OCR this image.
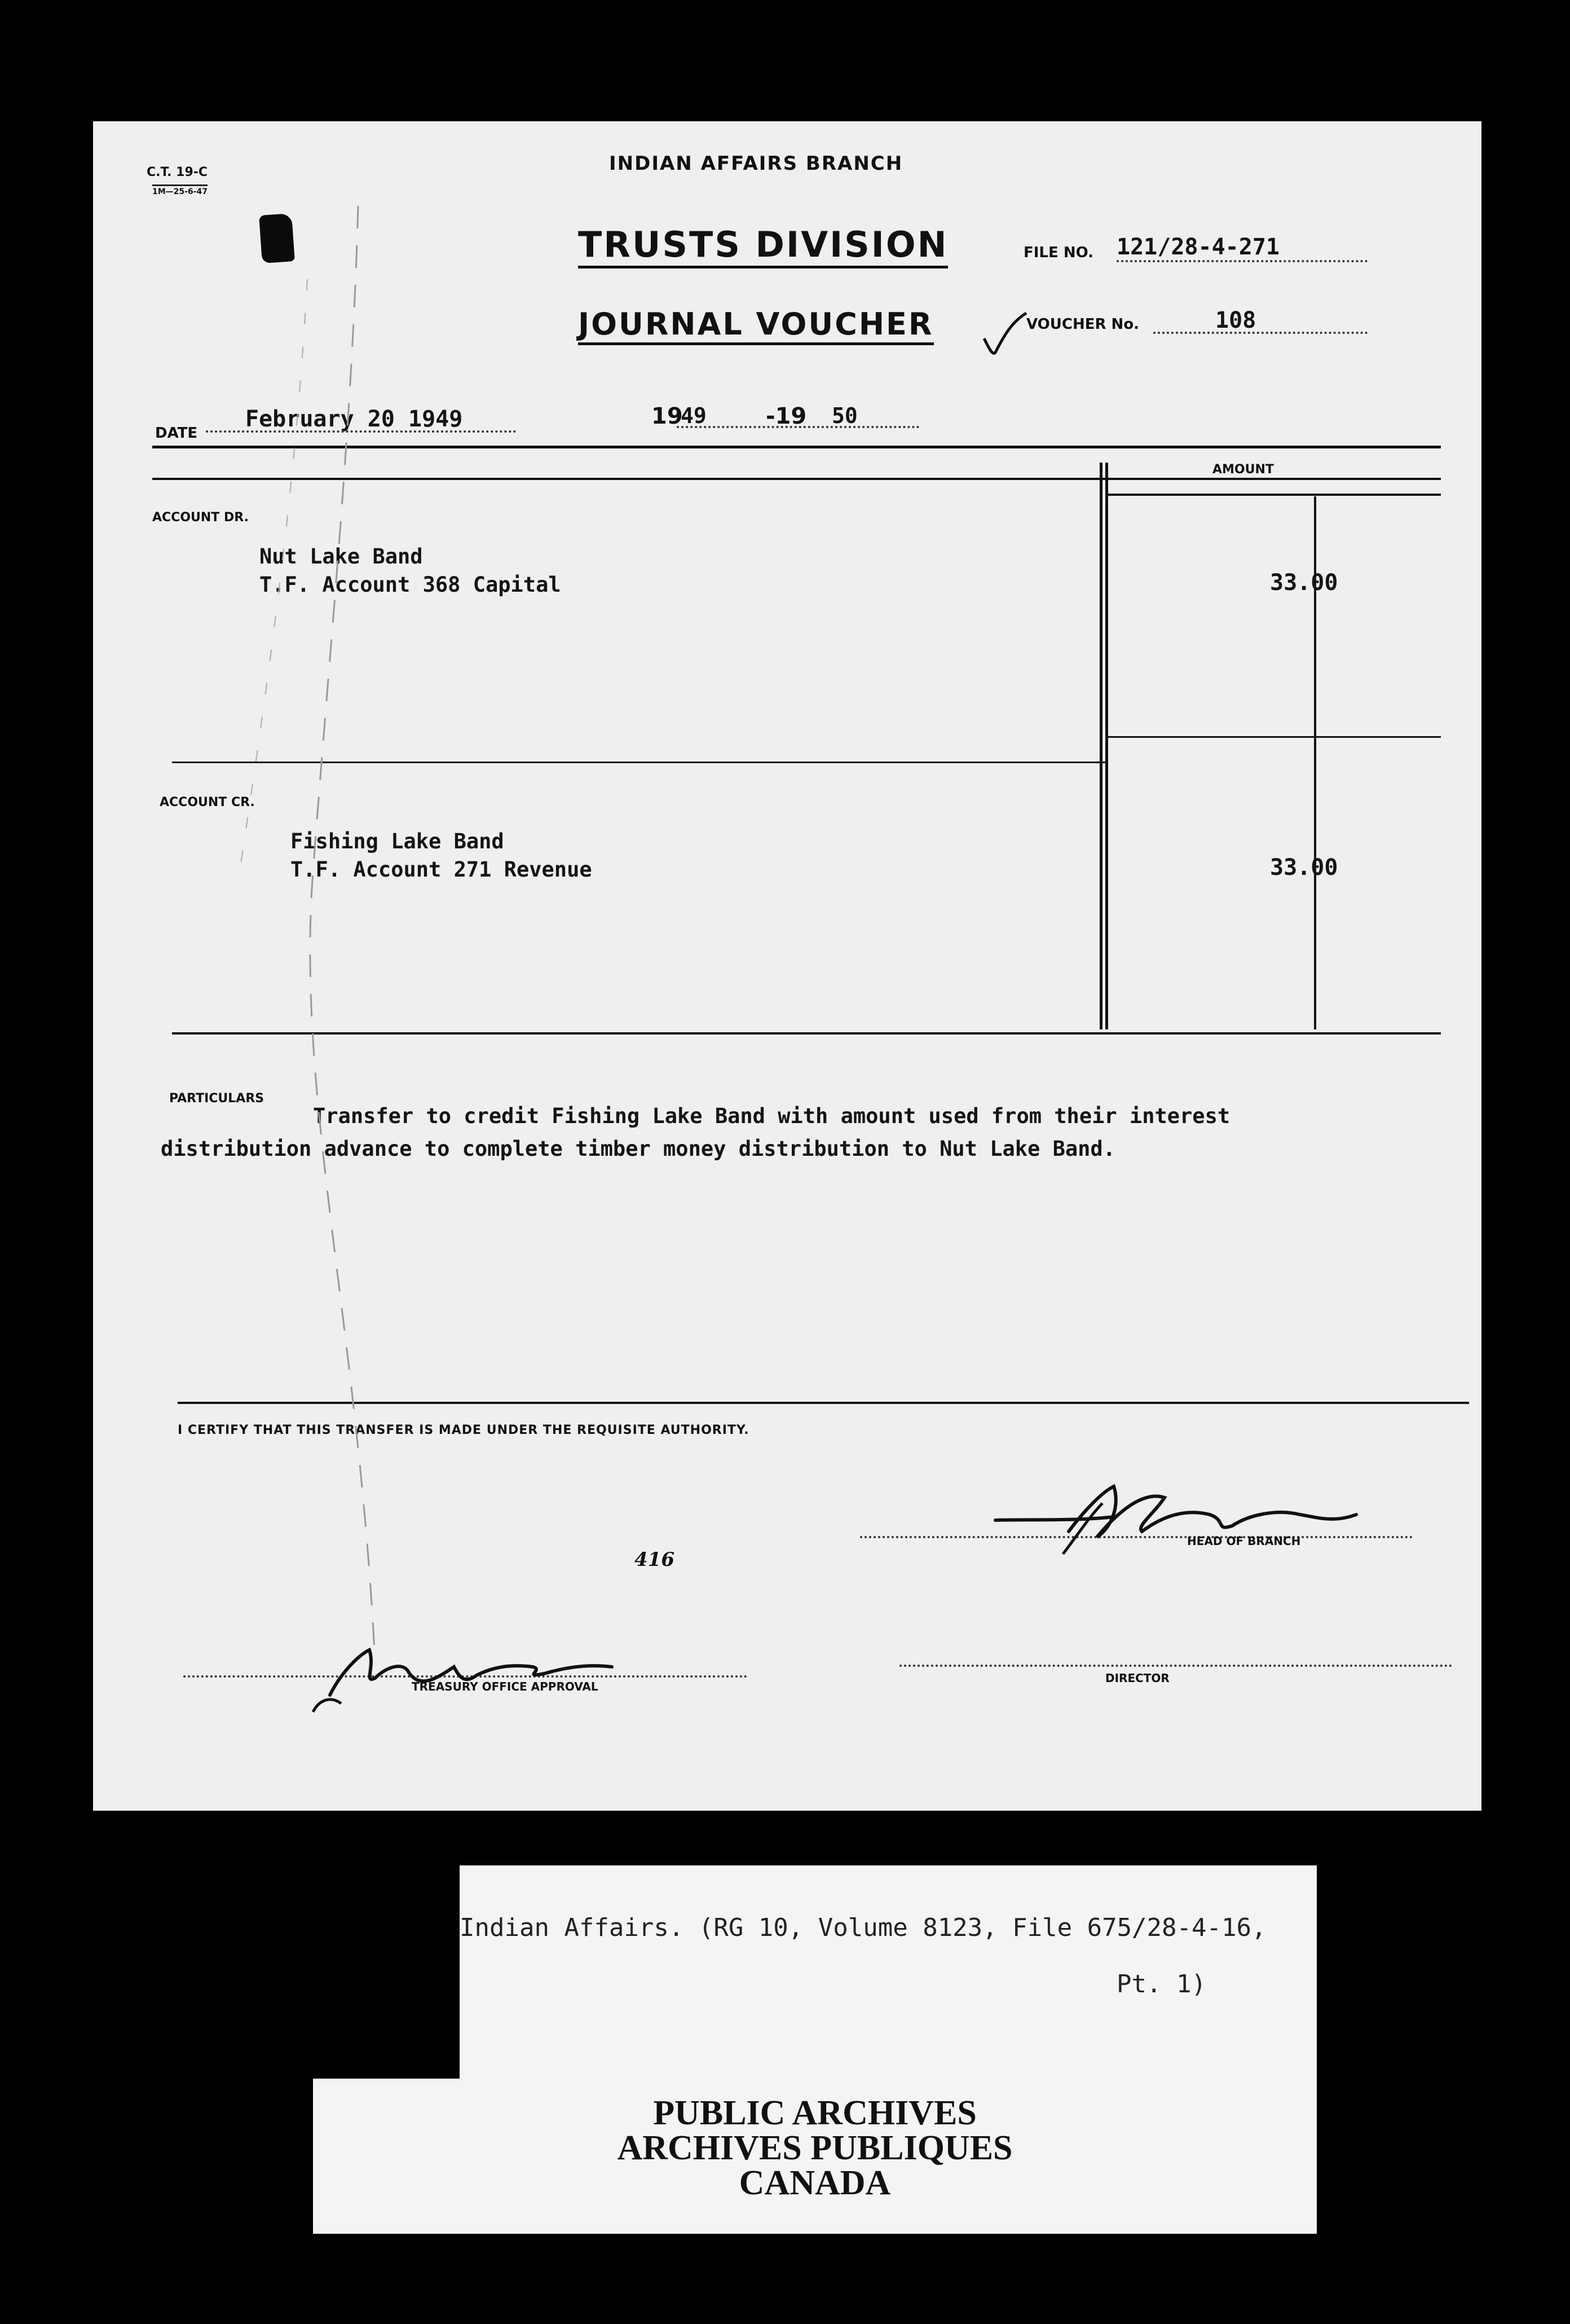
C.T. 19-C
1M—25-6-47
INDIAN AFFAIRS BRANCH
TRUSTS DIVISION
JOURNAL VOUCHER
FILE NO. 121/28-4-271
VOUCHER No.	108
DATE
February 20 1949	19
49	-19 50
AMOUNT
ACCOUNT DR.
Nut Lake Band
T.F. Account 368 Capital	33.00
ACCOUNT CR.
Fishing Lake Band
T.F. Account 271 Revenue	33.00
PARTICULARS
Transfer to credit Fishing Lake Band with amount used from their interest
distribution advance to complete timber money distribution to Nut Lake Band.
I CERTIFY THAT THIS TRANSFER IS MADE UNDER THE REQUISITE AUTHORITY.
HEAD OF BRANCH
TREASURY OFFICE APPROVAL
DIRECTOR
416
Indian Affairs. (RG 10, Volume 8123, File 675/28-4-16,
Pt. 1)
PUBLIC ARCHIVES
ARCHIVES PUBLIQUES
CANADA
